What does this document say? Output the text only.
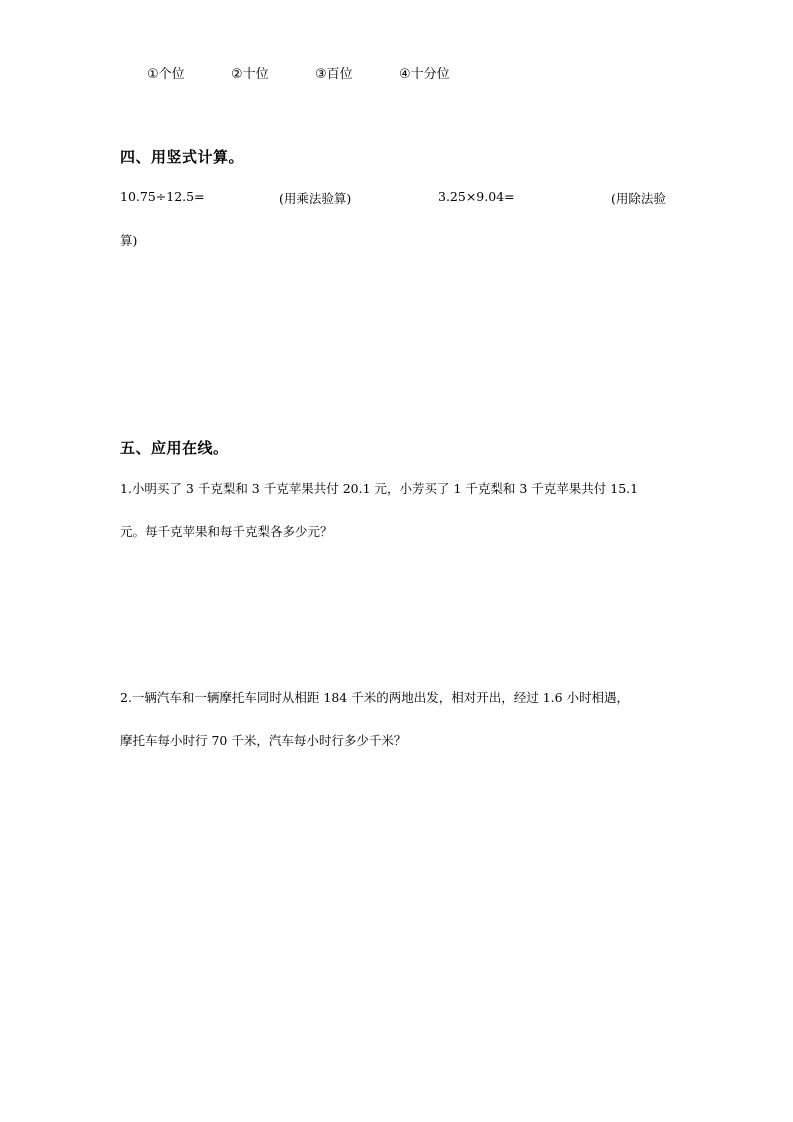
①个位	②十位	③百位	④十分位
四、用竖式计算。
10.75÷12.5=	(用乘法验算)	3.25×9.04=	(用除法验
算)
五、应用在线。
1.小明买了 3 千克梨和 3 千克苹果共付 20.1 元，小芳买了 1 千克梨和 3 千克苹果共付 15.1
元。每千克苹果和每千克梨各多少元？
2.一辆汽车和一辆摩托车同时从相距 184 千米的两地出发，相对开出，经过 1.6 小时相遇，
摩托车每小时行 70 千米，汽车每小时行多少千米？
